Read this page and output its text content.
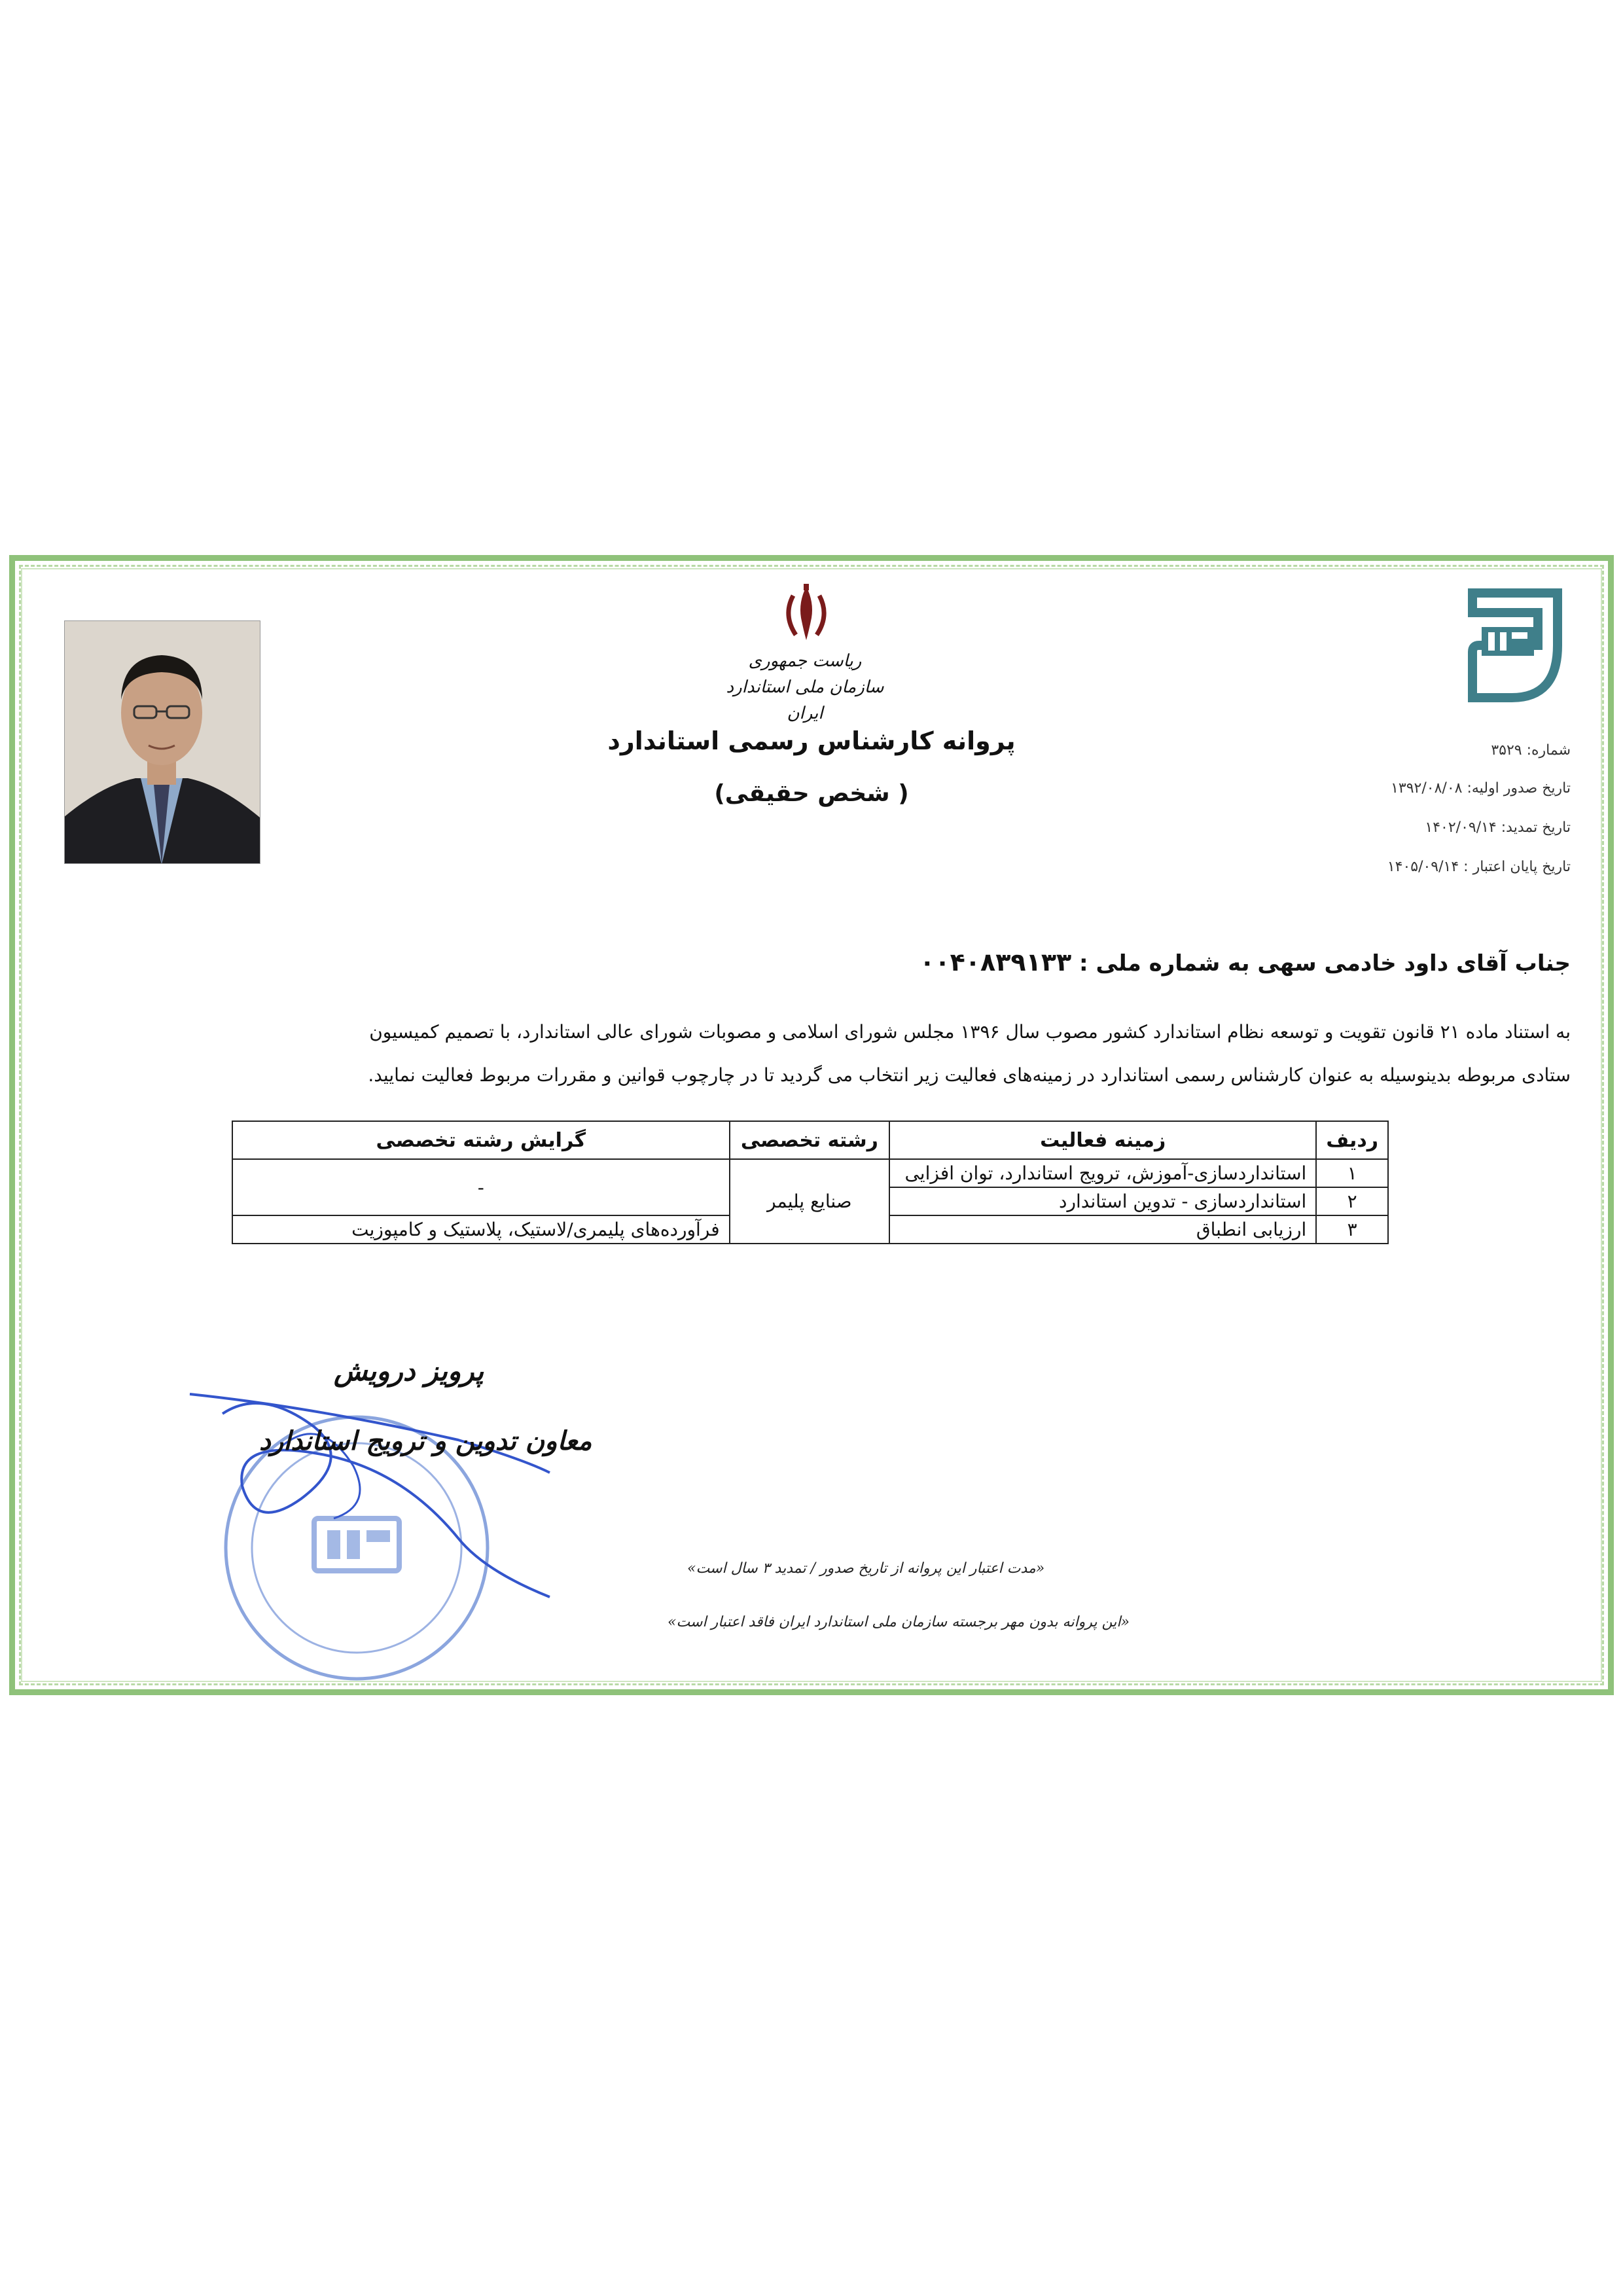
ریاست جمهوری
سازمان ملی استاندارد ایران
پروانه کارشناس رسمی استاندارد
( شخص حقیقی)
شماره: ۳۵۲۹
تاریخ صدور اولیه: ۱۳۹۲/۰۸/۰۸
تاریخ تمدید: ۱۴۰۲/۰۹/۱۴
تاریخ پایان اعتبار : ۱۴۰۵/۰۹/۱۴
جناب آقای داود خادمی سهی به شماره ملی : ۰۰۴۰۸۳۹۱۳۳
به استناد ماده ۲۱ قانون تقویت و توسعه نظام استاندارد کشور مصوب سال ۱۳۹۶ مجلس شورای اسلامی و مصوبات شورای عالی استاندارد، با تصمیم کمیسیون
ستادی مربوطه بدینوسیله به عنوان کارشناس رسمی استاندارد در زمینه‌های فعالیت زیر انتخاب می گردید تا در چارچوب قوانین و مقررات مربوط فعالیت نمایید.
ردیف	زمینه فعالیت	رشته تخصصی	گرایش رشته تخصصی
۱	استانداردسازی-آموزش، ترویج استاندارد، توان افزایی	صنایع پلیمر	-
۲	استانداردسازی - تدوین استاندارد		
۳	ارزیابی انطباق		فرآورده‌های پلیمری/لاستیک، پلاستیک و کامپوزیت
پرویز درویش
معاون تدوین و ترویج استاندارد
«مدت اعتبار این پروانه از تاریخ صدور / تمدید ۳ سال است»
«این پروانه بدون مهر برجسته سازمان ملی استاندارد ایران فاقد اعتبار است»
